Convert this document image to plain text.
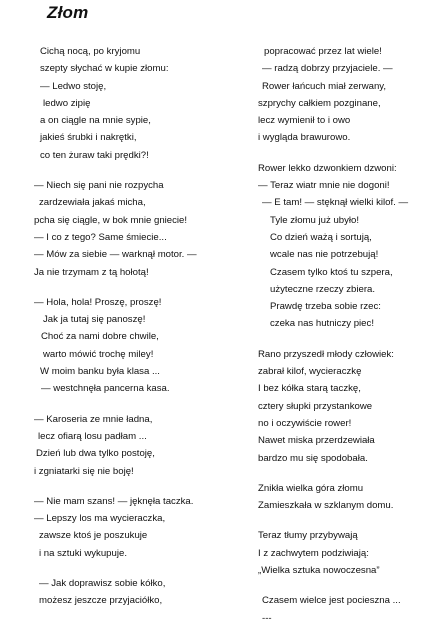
Złom
Cichą nocą, po kryjomu
szepty słychać w kupie złomu:
— Ledwo stoję,
ledwo zipię
a on ciągle na mnie sypie,
jakieś śrubki i nakrętki,
co ten żuraw taki prędki?!
— Niech się pani nie rozpycha
zardzewiała jakaś micha,
pcha się ciągle, w bok mnie gniecie!
— I co z tego? Same śmiecie...
— Mów za siebie — warknął motor. —
Ja nie trzymam z tą hołotą!
— Hola, hola! Proszę, proszę!
Jak ja tutaj się panoszę!
Choć za nami dobre chwile,
warto mówić trochę miley!
W moim banku była klasa ...
— westchnęła pancerna kasa.
— Karoseria ze mnie ładna,
lecz ofiarą losu padłam ...
Dzień lub dwa tylko postoję,
i zgniatarki się nie boję!
— Nie mam szans! — jęknęła taczka.
— Lepszy los ma wycieraczka,
zawsze ktoś je poszukuje
i na sztuki wykupuje.
— Jak doprawisz sobie kółko,
możesz jeszcze przyjaciółko,
popracować przez lat wiele!
— radzą dobrzy przyjaciele. —
Rower łańcuch miał zerwany,
szprychy całkiem pozginane,
lecz wymienił to i owo
i wygląda brawurowo.
Rower lekko dzwonkiem dzwoni:
— Teraz wiatr mnie nie dogoni!
— E tam! — stęknął wielki kilof. —
Tyle złomu już ubyło!
Co dzień ważą i sortują,
wcale nas nie potrzebują!
Czasem tylko ktoś tu szpera,
użyteczne rzeczy zbiera.
Prawdę trzeba sobie rzec:
czeka nas hutniczy piec!
Rano przyszedł młody człowiek:
zabrał kilof, wycieraczkę
I bez kółka starą taczkę,
cztery słupki przystankowe
no i oczywiście rower!
Nawet miska przerdzewiała
bardzo mu się spodobała.
Znikła wielka góra złomu
Zamieszkała w szklanym domu.
Teraz tłumy przybywają
I z zachwytem podziwiają:
„Wielka sztuka nowoczesna”
Czasem wielce jest pocieszna ...
---
